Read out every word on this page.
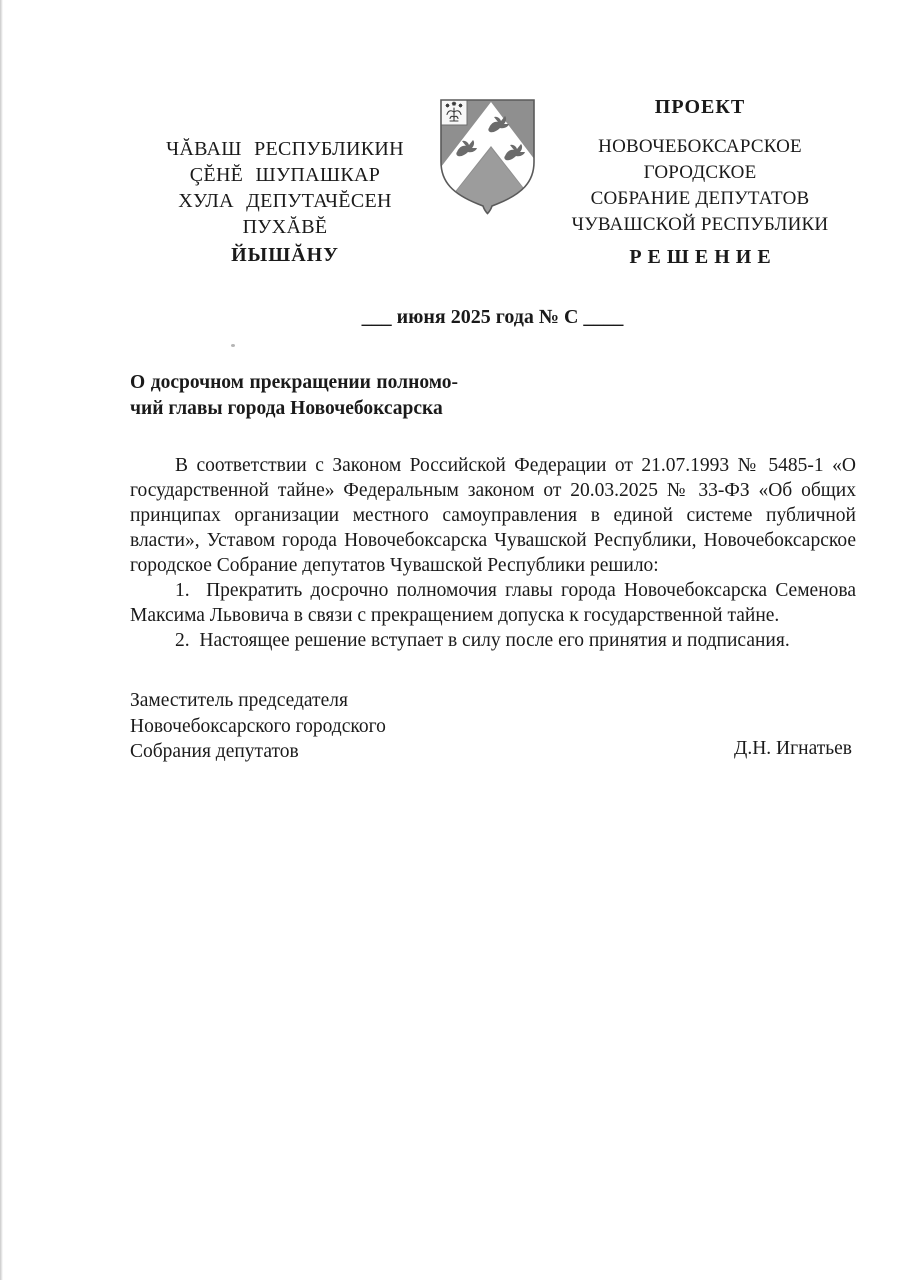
ЧĂВАШ РЕСПУБЛИКИН
ÇĔНĔ ШУПАШКАР
ХУЛА ДЕПУТАЧĔСЕН
ПУХĂВĔ
ЙЫШĂНУ
ПРОЕКТ
НОВОЧЕБОКСАРСКОЕ
ГОРОДСКОЕ
СОБРАНИЕ ДЕПУТАТОВ
ЧУВАШСКОЙ РЕСПУБЛИКИ
РЕШЕНИЕ
___ июня 2025 года № С ____
О досрочном прекращении полномо-
чий главы города Новочебоксарска

В соответствии с Законом Российской Федерации от 21.07.1993 № 5485-1 «О государственной тайне» Федеральным законом от 20.03.2025 № 33-ФЗ «Об общих принципах организации местного самоуправления в единой системе публичной власти», Уставом города Новочебоксарска Чувашской Республики, Новочебоксарское городское Собрание депутатов Чувашской Республики решило:

1.  Прекратить досрочно полномочия главы города Новочебоксарска Семенова Максима Львовича в связи с прекращением допуска к государственной тайне.

2.  Настоящее решение вступает в силу после его принятия и подписания.

Заместитель председателя
Новочебоксарского городского
Собрания депутатов	Д.Н. Игнатьев
